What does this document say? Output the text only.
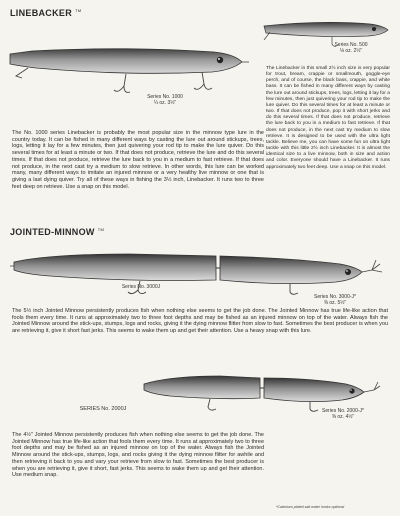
LINEBACKER ™
Series No. 500
⅛ oz. 2½"
Series No. 1000
¼ oz. 3½"

The Linebacker in this small 2½ inch size is very popular for trout, bream, crappie or smallmouth, goggle-eye perch, and of course, the black bass, crappie, and white bass. It can be fished in many different ways by casting the lure out around stickups, trees, logs, letting it lay for a few minutes, then just quivering your rod tip to make the lure quiver. Do this several times for at least a minute or two. If that does not produce, pop it with short jerks and do this several times. If that does not produce, retrieve the lure back to you in a medium to fast retrieve. If that does not produce, in the next cast try medium to slow retrieve. It is designed to be used with the ultra light tackle. Believe me, you can have some fun on ultra light tackle with this little 2½ inch Linebacker. It is almost the identical size to a live minnow, both in size and action and color. Everyone should have a Linebacker. It runs approximately two feet deep. Use a snap on this model.

The No. 1000 series Linebacker is probably the most popular size in the minnow type lure in the country today. It can be fished in many different ways by casting the lure out around stickups, trees, logs, letting it lay for a few minutes, then just quivering your rod tip to make the lure quiver. Do this several times for at least a minute or two. If that does not produce, retrieve the lure and do this several times. If that does not produce, retrieve the lure back to you in a medium to fast retrieve. If that does not produce, in the next cast try a medium to slow retrieve. In other words, this lure can be worked many, many different ways to imitate an injured minnow or a very healthy live minnow or one that is giving a last dying quiver. Try all of these ways in fishing the 3½ inch, Linebacker. It runs two to three feet deep on retrieve. Use a snap on this model.

JOINTED-MINNOW ™
Series No. 3000J
Series No. 3000-J*
⅜ oz. 5½"

The 5½ inch Jointed Minnow persistently produces fish when nothing else seems to get the job done. The Jointed Minnow has true life-like action that fools them every time. It runs at approximately two to three foot depths and may be fished as an injured minnow on top of the water. Always fish the Jointed Minnow around the stick-ups, stumps, logs and rocks, giving it the dying minnow flitter from slow to fast. Sometimes the best producer is when you are retrieving it, give it short fast jerks. This seems to wake them up and get their attention. Use a heavy snap with this lure.

SERIES No. 2000J	Series No. 2000-J*
⅜ oz. 4½"

The 4½" Jointed Minnow persistently produces fish when nothing else seems to get the job done. The Jointed Minnow has true life-like action that fools them every time. It runs at approximately two to three foot depths and may be fished as an injured minnow on top of the water. Always fish the Jointed Minnow around the stick-ups, stumps, logs, and rocks giving it the dying minnow flitter for awhile and then retrieving it back to you and vary your retrieve from slow to fast. Sometimes the best producer is when you are retrieving it, give it short, fast jerks. This seems to wake them up and get their attention. Use medium snap.

*Cadmium plated salt water hooks optional
